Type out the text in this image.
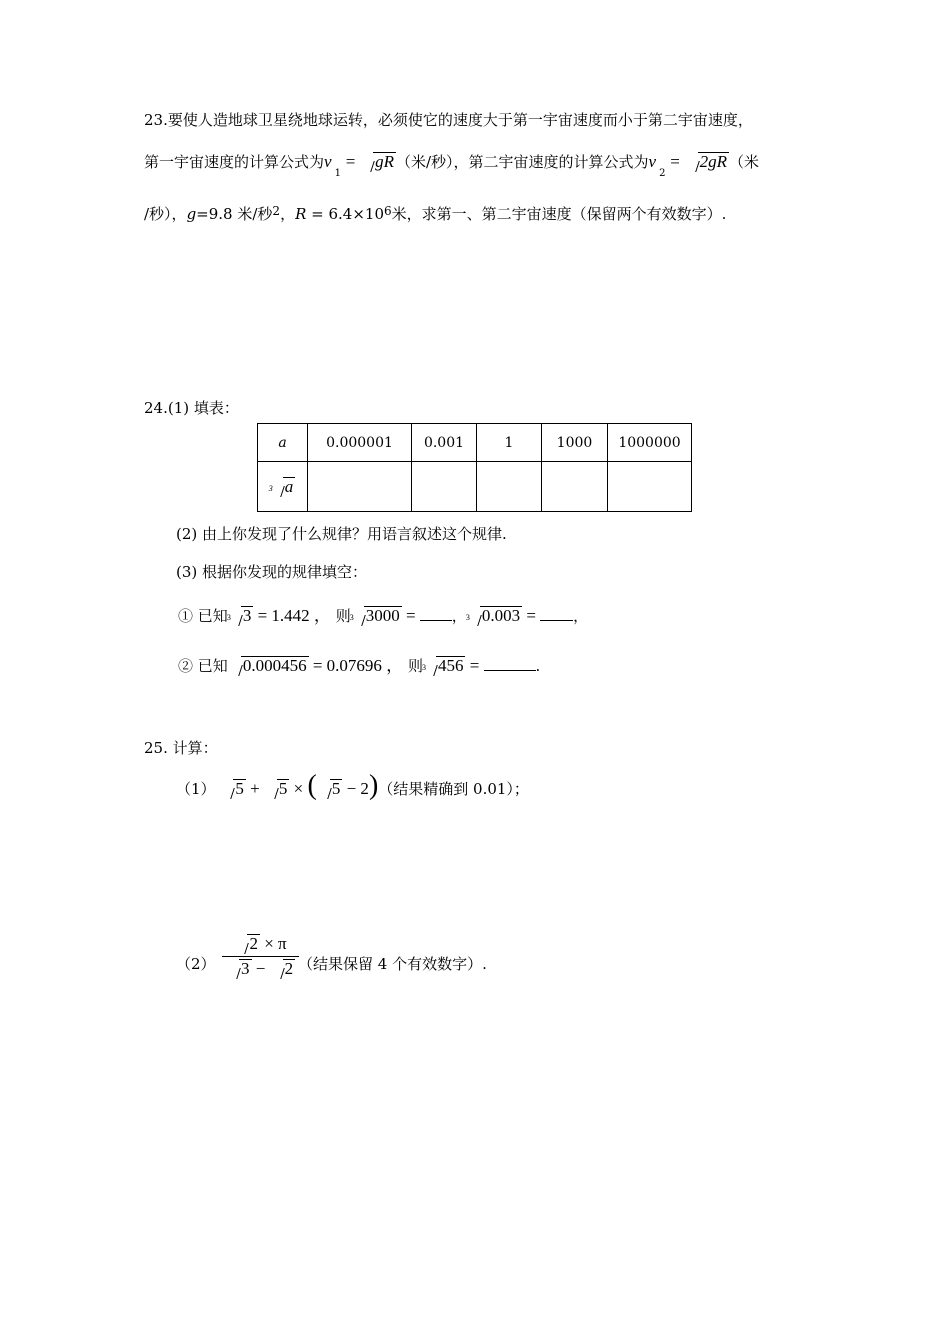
23.要使人造地球卫星绕地球运转，必须使它的速度大于第一宇宙速度而小于第二宇宙速度，
第一宇宙速度的计算公式为$v_1$ = gR （米/秒），第二宇宙速度的计算公式为$v_2 = 2gR$ （米
/秒），g=9.8 米/秒$^2$，$R = 6.4\times 10^6$米，求第一、第二宇宙速度（保留两个有效数字）.
24.(1) 填表：
a	0.000001	0.001	1	1000	1000000

3 a					
(2) 由上你发现了什么规律？用语言叙述这个规律.
(3) 根据你发现的规律填空：
① 已知 3 3 = 1.442 ， 则 3 3000 = ， 3 0.003 = ，
② 已知 0.000456 = 0.07696 ， 则 3 456 =	.
25. 计算：
（1） 5 + 5 × ( 5 − 2)（结果精确到 0.01）；
（2）
2 × π
3 − 2 （结果保留 4 个有效数字）.
